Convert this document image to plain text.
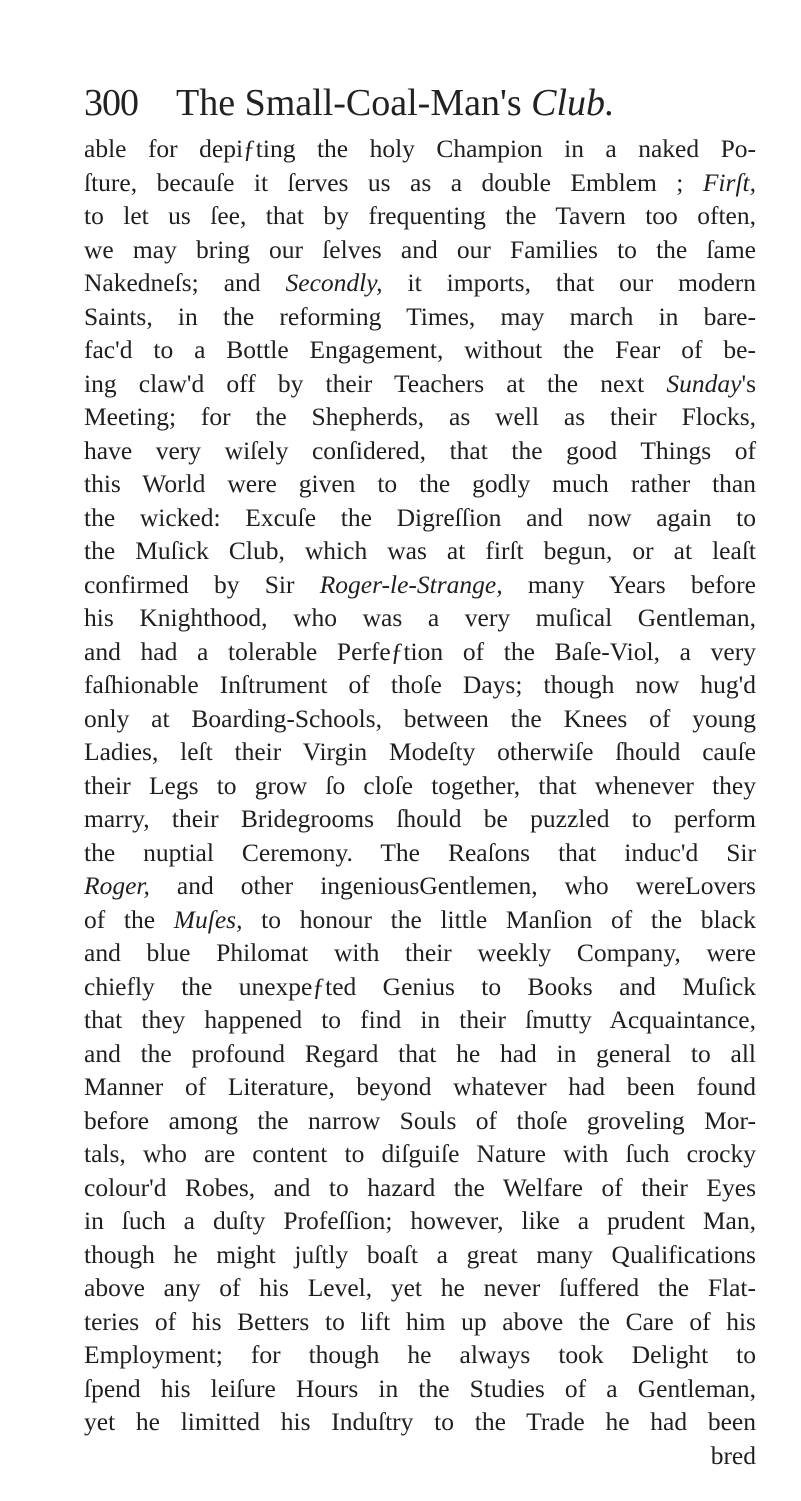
300 The Small-Coal-Man's Club.
able for depiƒting the holy Champion in a naked Po-
ſture, becauſe it ſerves us as a double Emblem ; Firſt,
to let us ſee, that by frequenting the Tavern too often,
we may bring our ſelves and our Families to the ſame
Nakedneſs; and Secondly, it imports, that our modern
Saints, in the reforming Times, may march in bare-
fac'd to a Bottle Engagement, without the Fear of be-
ing claw'd off by their Teachers at the next Sunday's
Meeting; for the Shepherds, as well as their Flocks,
have very wiſely conſidered, that the good Things of
this World were given to the godly much rather than
the wicked: Excuſe the Digreſſion and now again to
the Muſick Club, which was at firſt begun, or at leaſt
confirmed by Sir Roger-le-Strange, many Years before
his Knighthood, who was a very muſical Gentleman,
and had a tolerable Perfeƒtion of the Baſe-Viol, a very
faſhionable Inſtrument of thoſe Days; though now hug'd
only at Boarding-Schools, between the Knees of young
Ladies, leſt their Virgin Modeſty otherwiſe ſhould cauſe
their Legs to grow ſo cloſe together, that whenever they
marry, their Bridegrooms ſhould be puzzled to perform
the nuptial Ceremony. The Reaſons that induc'd Sir
Roger, and other ingeniousGentlemen, who wereLovers
of the Muſes, to honour the little Manſion of the black
and blue Philomat with their weekly Company, were
chiefly the unexpeƒted Genius to Books and Muſick
that they happened to find in their ſmutty Acquaintance,
and the profound Regard that he had in general to all
Manner of Literature, beyond whatever had been found
before among the narrow Souls of thoſe groveling Mor-
tals, who are content to diſguiſe Nature with ſuch crocky
colour'd Robes, and to hazard the Welfare of their Eyes
in ſuch a duſty Profeſſion; however, like a prudent Man,
though he might juſtly boaſt a great many Qualifications
above any of his Level, yet he never ſuffered the Flat-
teries of his Betters to lift him up above the Care of his
Employment; for though he always took Delight to
ſpend his leiſure Hours in the Studies of a Gentleman,
yet he limitted his Induſtry to the Trade he had been
bred
